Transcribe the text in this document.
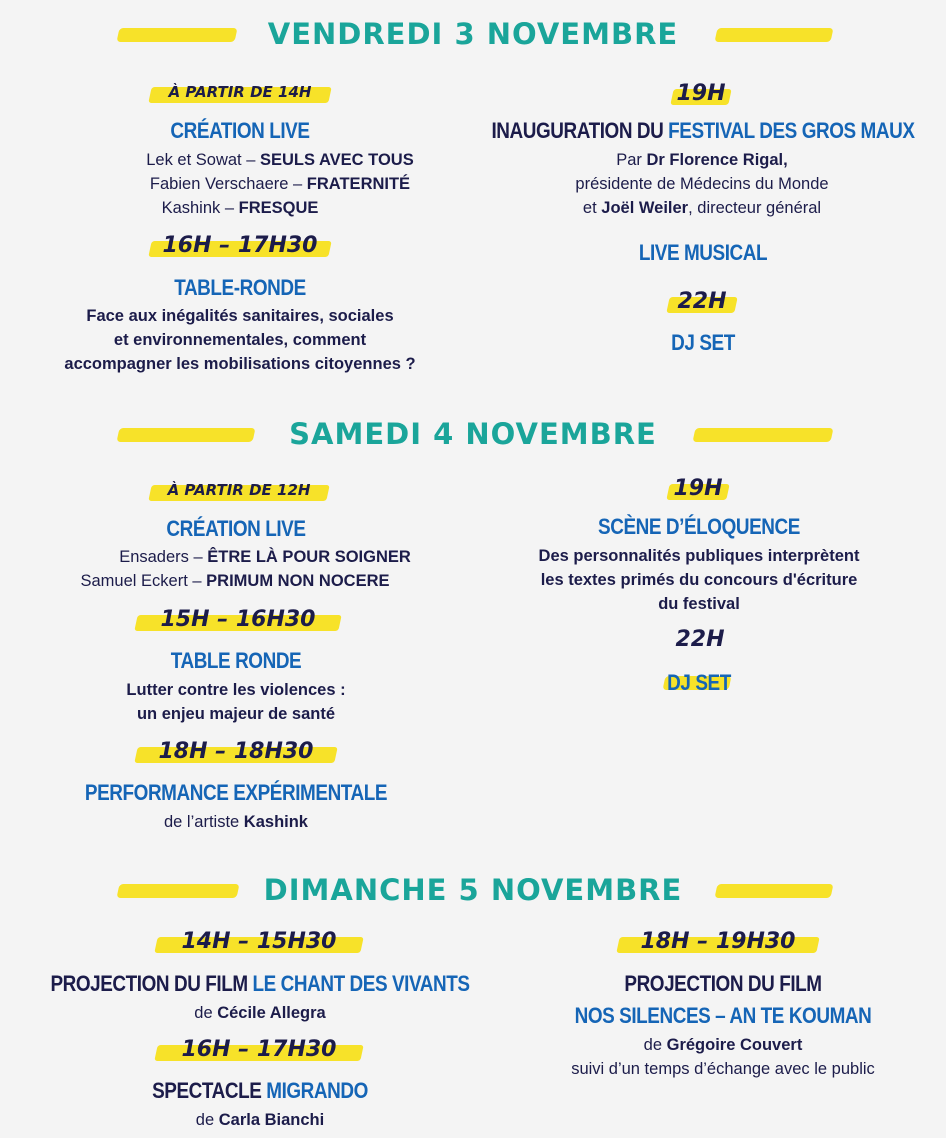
VENDREDI 3 NOVEMBRE
À PARTIR DE 14H
CRÉATION LIVE
Lek et Sowat – SEULS AVEC TOUS
Fabien Verschaere – FRATERNITÉ
Kashink – FRESQUE
16H – 17H30
TABLE-RONDE
Face aux inégalités sanitaires, sociales
et environnementales, comment
accompagner les mobilisations citoyennes ?
19H
INAUGURATION DU FESTIVAL DES GROS MAUX
Par Dr Florence Rigal,
présidente de Médecins du Monde
et Joël Weiler, directeur général
LIVE MUSICAL
22H
DJ SET
SAMEDI 4 NOVEMBRE
À PARTIR DE 12H
CRÉATION LIVE
Ensaders – ÊTRE LÀ POUR SOIGNER
Samuel Eckert – PRIMUM NON NOCERE
15H – 16H30
TABLE RONDE
Lutter contre les violences :
un enjeu majeur de santé
18H – 18H30
PERFORMANCE EXPÉRIMENTALE
de l’artiste Kashink
19H
SCÈNE D’ÉLOQUENCE
Des personnalités publiques interprètent
les textes primés du concours d'écriture
du festival
22H
DJ SET
DIMANCHE 5 NOVEMBRE
14H – 15H30
PROJECTION DU FILM LE CHANT DES VIVANTS
de Cécile Allegra
16H – 17H30
SPECTACLE MIGRANDO
de Carla Bianchi
18H – 19H30
PROJECTION DU FILM
NOS SILENCES – AN TE KOUMAN
de Grégoire Couvert
suivi d’un temps d’échange avec le public
